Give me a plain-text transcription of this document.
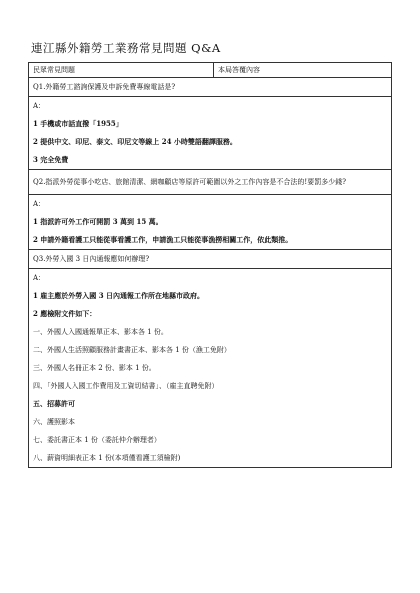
連江縣外籍勞工業務常見問題 Q&A
民眾常見問題	本局答覆內容

Q1.外籍勞工諮詢保護及申訴免費專線電話是?

A：
1 手機或市話直撥「1955」
2 提供中文、印尼、泰文、印尼文等線上 24 小時雙語翻譯服務。
3 完全免費

Q2.指派外勞從事小吃店、旅館清潔、網咖顧店等原許可範圍以外之工作內容是不合法的!要罰多少錢?

A：
1 指派許可外工作可開罰 3 萬到 15 萬。
2 申請外籍看護工只能從事看護工作，申請漁工只能從事漁撈相關工作，依此類推。

Q3.外勞入國 3 日內通報應如何辦理?

A：
1 雇主應於外勞入國 3 日內通報工作所在地縣市政府。
2 應檢附文件如下：
一、外國人入國通報單正本、影本各 1 份。
二、外國人生活照顧服務計畫書正本、影本各 1 份（漁工免附）
三、外國人名冊正本 2 份、影本 1 份。
四、「外國人入國工作費用及工資切結書」、（雇主直聘免附）
五、招募許可
六、護照影本
七、委託書正本 1 份（委託仲介辦理者）
八、薪資明細表正本 1 份(本項僅看護工須檢附)
